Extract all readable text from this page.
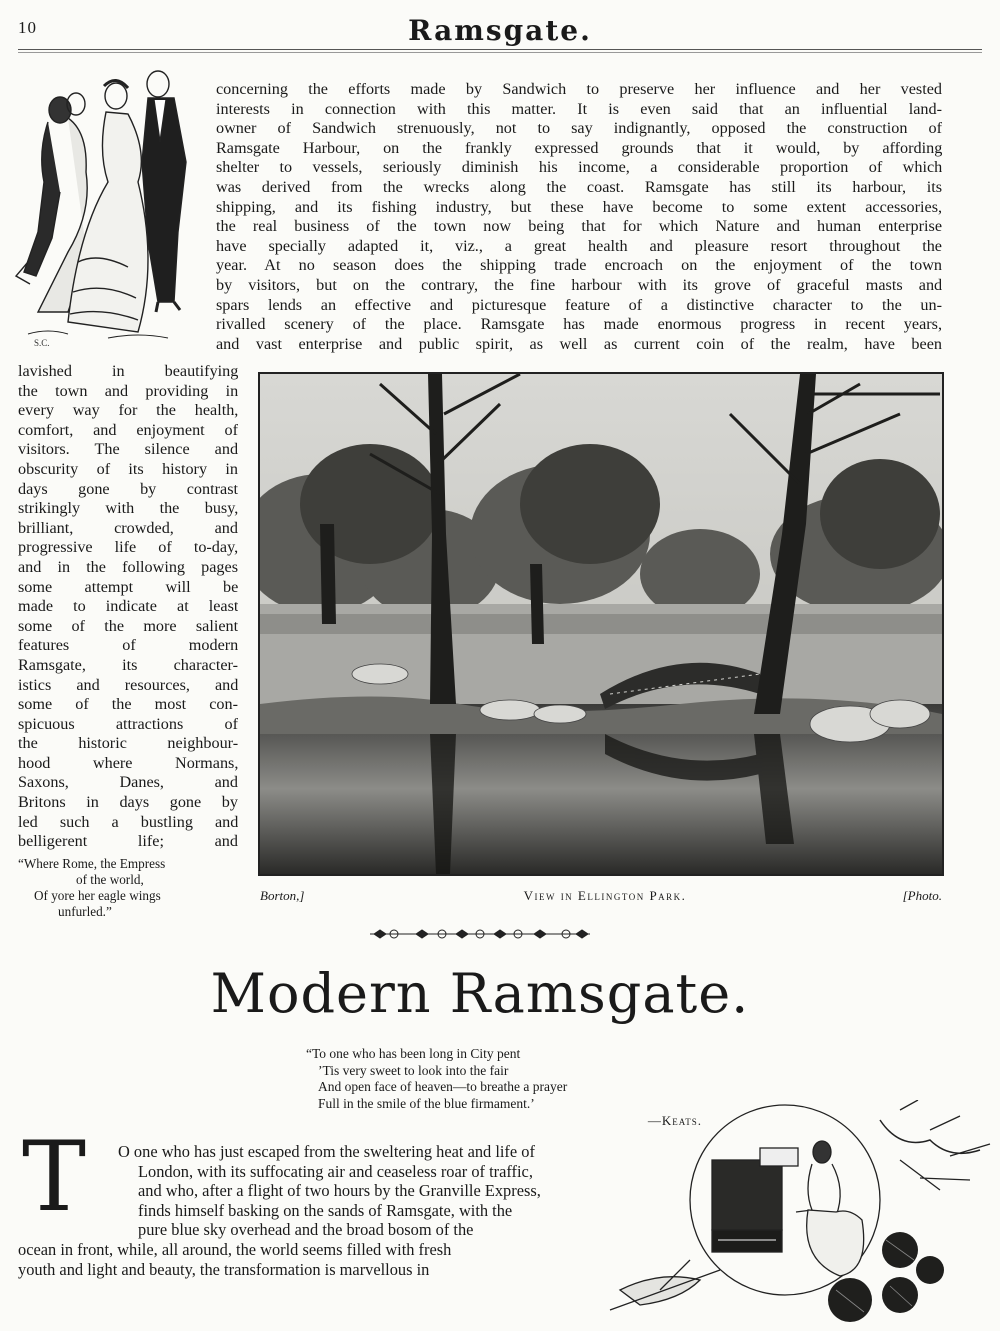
10	Ramsgate.
S.C.
concerning the efforts made by Sandwich to preserve her influence and her vested
interests in connection with this matter. It is even said that an influential land-
owner of Sandwich strenuously, not to say indignantly, opposed the construction of
Ramsgate Harbour, on the frankly expressed grounds that it would, by affording
shelter to vessels, seriously diminish his income, a considerable proportion of which
was derived from the wrecks along the coast. Ramsgate has still its harbour, its
shipping, and its fishing industry, but these have become to some extent accessories,
the real business of the town now being that for which Nature and human enterprise
have specially adapted it, viz., a great health and pleasure resort throughout the
year. At no season does the shipping trade encroach on the enjoyment of the town
by visitors, but on the contrary, the fine harbour with its grove of graceful masts and
spars lends an effective and picturesque feature of a distinctive character to the un-
rivalled scenery of the place. Ramsgate has made enormous progress in recent years,
and vast enterprise and public spirit, as well as current coin of the realm, have been
lavished in beautifying
the town and providing in
every way for the health,
comfort, and enjoyment of
visitors. The silence and
obscurity of its history in
days gone by contrast
strikingly with the busy,
brilliant, crowded, and
progressive life of to-day,
and in the following pages
some attempt will be
made to indicate at least
some of the more salient
features of modern
Ramsgate, its character-
istics and resources, and
some of the most con-
spicuous attractions of
the historic neighbour-
hood where Normans,
Saxons, Danes, and
Britons in days gone by
led such a bustling and
belligerent life; and
“Where Rome, the Empress
of the world,
Of yore her eagle wings
unfurled.”
Borton,]	View in Ellington Park.	[Photo.
Modern Ramsgate.
“To one who has been long in City pent
’Tis very sweet to look into the fair
And open face of heaven—to breathe a prayer
Full in the smile of the blue firmament.’
—Keats.
T	O one who has just escaped from the sweltering heat and life of
London, with its suffocating air and ceaseless roar of traffic,
and who, after a flight of two hours by the Granville Express,
finds himself basking on the sands of Ramsgate, with the
pure blue sky overhead and the broad bosom of the
ocean in front, while, all around, the world seems filled with fresh
youth and light and beauty, the transformation is marvellous in
